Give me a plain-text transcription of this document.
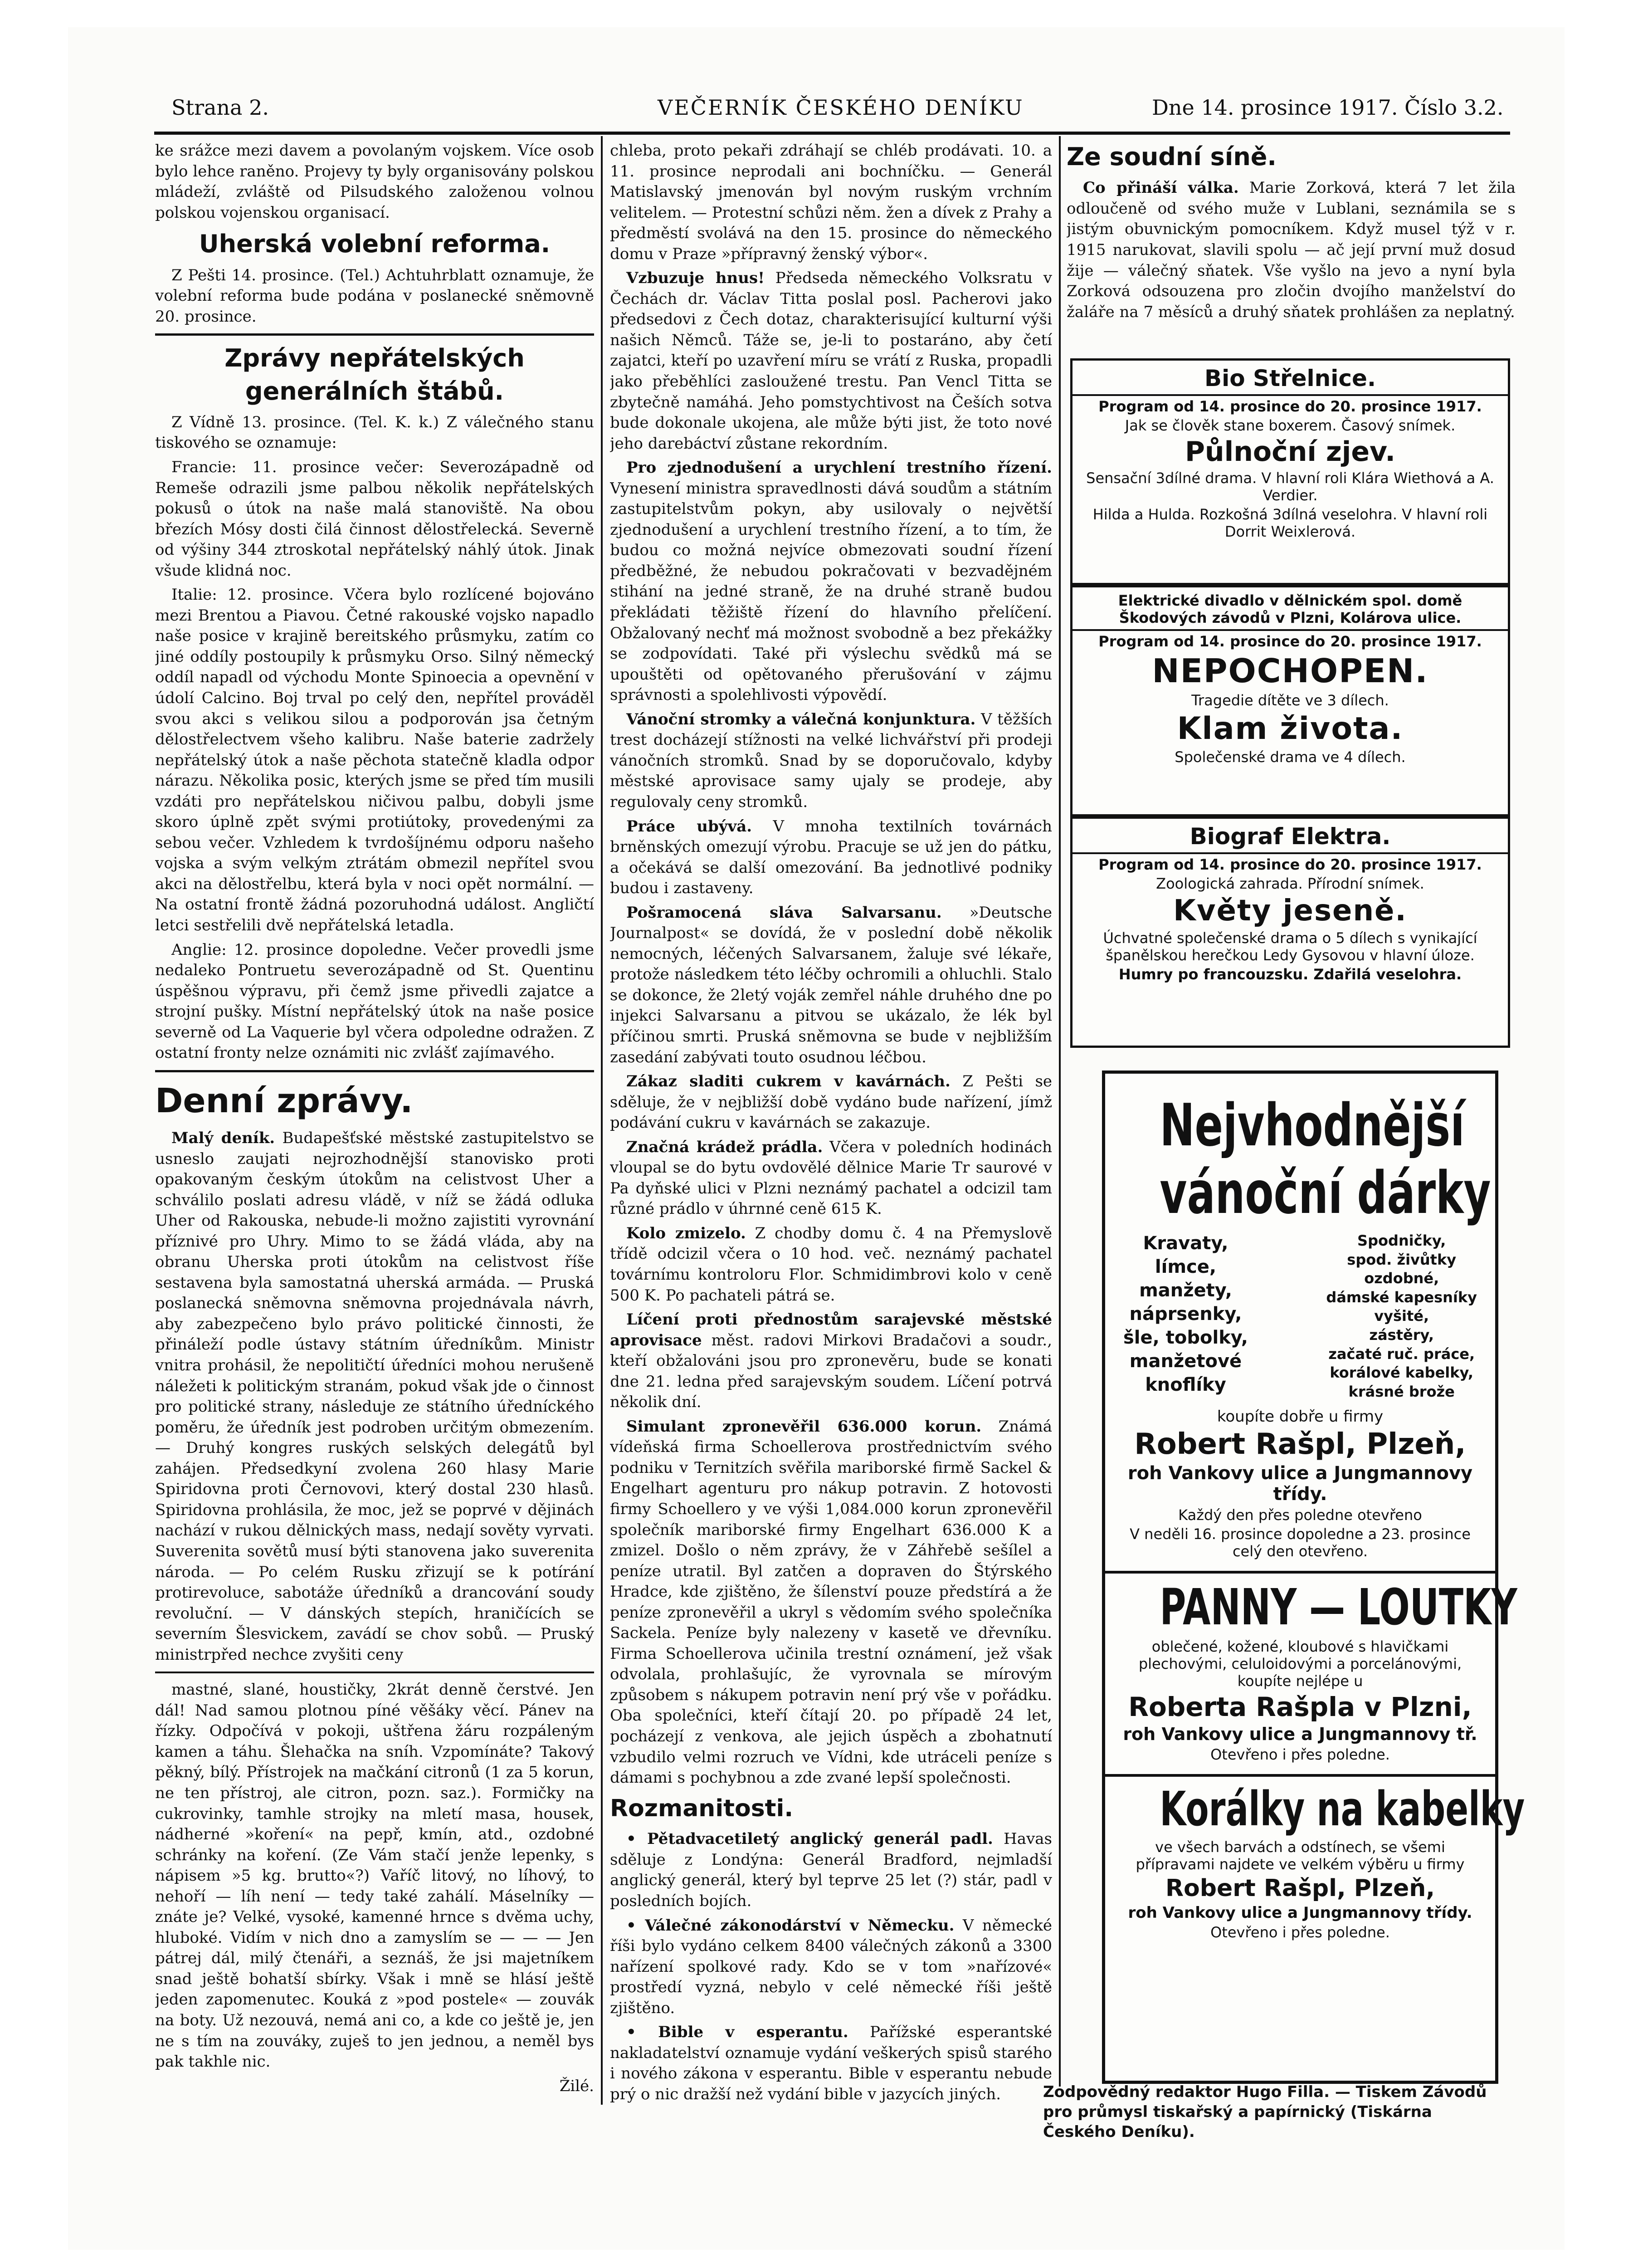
Strana 2.	VEČERNÍK ČESKÉHO DENÍKU	Dne 14. prosince 1917. Číslo 3.2.

ke srážce mezi davem a povolaným vojskem. Více osob bylo lehce raněno. Projevy ty byly organisovány polskou mládeží, zvláště od Pilsudského založenou volnou polskou vojenskou organisací.

Uherská volební reforma.

Z Pešti 14. prosince. (Tel.) Achtuhrblatt oznamuje, že volební reforma bude podána v poslanecké sněmovně 20. prosince.

Zprávy nepřátelských generálních štábů.

Z Vídně 13. prosince. (Tel. K. k.) Z válečného stanu tiskového se oznamuje:

Francie: 11. prosince večer: Severozápadně od Remeše odrazili jsme palbou několik nepřátelských pokusů o útok na naše malá stanoviště. Na obou březích Mósy dosti čilá činnost dělostřelecká. Severně od výšiny 344 ztroskotal nepřátelský náhlý útok. Jinak všude klidná noc.

Italie: 12. prosince. Včera bylo rozlícené bojováno mezi Brentou a Piavou. Četné rakouské vojsko napadlo naše posice v krajině bereitského průsmyku, zatím co jiné oddíly postoupily k průsmyku Orso. Silný německý oddíl napadl od východu Monte Spinoecia a opevnění v údolí Calcino. Boj trval po celý den, nepřítel prováděl svou akci s velikou silou a podporován jsa četným dělostřelectvem všeho kalibru. Naše baterie zadržely nepřátelský útok a naše pěchota statečně kladla odpor nárazu. Několika posic, kterých jsme se před tím musili vzdáti pro nepřátelskou ničivou palbu, dobyli jsme skoro úplně zpět svými protiútoky, provedenými za sebou večer. Vzhledem k tvrdošíjnému odporu našeho vojska a svým velkým ztrátám obmezil nepřítel svou akci na dělostřelbu, která byla v noci opět normální. — Na ostatní frontě žádná pozoruhodná událost. Angličtí letci sestřelili dvě nepřátelská letadla.

Anglie: 12. prosince dopoledne. Večer provedli jsme nedaleko Pontruetu severozápadně od St. Quentinu úspěšnou výpravu, při čemž jsme přivedli zajatce a strojní pušky. Místní nepřátelský útok na naše posice severně od La Vaquerie byl včera odpoledne odražen. Z ostatní fronty nelze oznámiti nic zvlášť zajímavého.

Denní zprávy.

Malý deník. Budapešťské městské zastupitelstvo se usneslo zaujati nejrozhodnější stanovisko proti opakovaným českým útokům na celistvost Uher a schválilo poslati adresu vládě, v níž se žádá odluka Uher od Rakouska, nebude-li možno zajistiti vyrovnání příznivé pro Uhry. Mimo to se žádá vláda, aby na obranu Uherska proti útokům na celistvost říše sestavena byla samostatná uherská armáda. — Pruská poslanecká sněmovna sněmovna projednávala návrh, aby zabezpečeno bylo právo politické činnosti, že přináleží podle ústavy státním úředníkům. Ministr vnitra prohásil, že nepolitičtí úředníci mohou nerušeně náležeti k politickým stranám, pokud však jde o činnost pro politické strany, následuje ze státního úředníckého poměru, že úředník jest podroben určitým obmezením. — Druhý kongres ruských selských delegátů byl zahájen. Předsedkyní zvolena 260 hlasy Marie Spiridovna proti Černovovi, který dostal 230 hlasů. Spiridovna prohlásila, že moc, jež se poprvé v dějinách nachází v rukou dělnických mass, nedají sověty vyrvati. Suverenita sovětů musí býti stanovena jako suverenita národa. — Po celém Rusku zřizují se k potírání protirevoluce, sabotáže úředníků a drancování soudy revoluční. — V dánských stepích, hraničících se severním Šlesvickem, zavádí se chov sobů. — Pruský ministrpřed nechce zvyšiti ceny

mastné, slané, houstičky, 2krát denně čerstvé. Jen dál! Nad samou plotnou píné věšáky věcí. Pánev na řízky. Odpočívá v pokoji, uštřena žáru rozpáleným kamen a táhu. Šlehačka na sníh. Vzpomínáte? Takový pěkný, bílý. Přístrojek na mačkání citronů (1 za 5 korun, ne ten přístroj, ale citron, pozn. saz.). Formičky na cukrovinky, tamhle strojky na mletí masa, housek, nádherné »koření« na pepř, kmín, atd., ozdobné schránky na koření. (Ze Vám stačí jenže lepenky, s nápisem »5 kg. brutto«?) Vaříč litový, no líhový, to nehoří — líh není — tedy také zahálí. Máselníky — znáte je? Velké, vysoké, kamenné hrnce s dvěma uchy, hluboké. Vidím v nich dno a zamyslím se — — — Jen pátrej dál, milý čtenáři, a seznáš, že jsi majetníkem snad ještě bohatší sbírky. Však i mně se hlásí ještě jeden zapomenutec. Kouká z »pod postele« — zouvák na boty. Už nezouvá, nemá ani co, a kde co ještě je, jen ne s tím na zouváky, zuješ to jen jednou, a neměl bys pak takhle nic.

Žilé.

chleba, proto pekaři zdráhají se chléb prodávati. 10. a 11. prosince neprodali ani bochníčku. — Generál Matislavský jmenován byl novým ruským vrchním velitelem. — Protestní schůzi něm. žen a dívek z Prahy a předměstí svolává na den 15. prosince do německého domu v Praze »přípravný ženský výbor«.

Vzbuzuje hnus! Předseda německého Volksratu v Čechách dr. Václav Titta poslal posl. Pacherovi jako předsedovi z Čech dotaz, charakterisující kulturní výši našich Němců. Táže se, je-li to postaráno, aby četí zajatci, kteří po uzavření míru se vrátí z Ruska, propadli jako přeběhlíci zasloužené trestu. Pan Vencl Titta se zbytečně namáhá. Jeho pomstychtivost na Češích sotva bude dokonale ukojena, ale může býti jist, že toto nové jeho darebáctví zůstane rekordním.

Pro zjednodušení a urychlení trestního řízení. Vynesení ministra spravedlnosti dává soudům a státním zastupitelstvům pokyn, aby usilovaly o největší zjednodušení a urychlení trestního řízení, a to tím, že budou co možná nejvíce obmezovati soudní řízení předběžné, že nebudou pokračovati v bezvadějném stihání na jedné straně, že na druhé straně budou překládati těžiště řízení do hlavního přelíčení. Obžalovaný nechť má možnost svobodně a bez překážky se zodpovídati. Také při výslechu svědků má se upouštěti od opětovaného přerušování v zájmu správnosti a spolehlivosti výpovědí.

Vánoční stromky a válečná konjunktura. V těžších trest docházejí stížnosti na velké lichvářství při prodeji vánočních stromků. Snad by se doporučovalo, kdyby městské aprovisace samy ujaly se prodeje, aby regulovaly ceny stromků.

Práce ubývá. V mnoha textilních továrnách brněnských omezují výrobu. Pracuje se už jen do pátku, a očekává se další omezování. Ba jednotlivé podniky budou i zastaveny.

Pošramocená sláva Salvarsanu. »Deutsche Journalpost« se dovídá, že v poslední době několik nemocných, léčených Salvarsanem, žaluje své lékaře, protože následkem této léčby ochromili a ohluchli. Stalo se dokonce, že 2letý voják zemřel náhle druhého dne po injekci Salvarsanu a pitvou se ukázalo, že lék byl příčinou smrti. Pruská sněmovna se bude v nejbližším zasedání zabývati touto osudnou léčbou.

Zákaz sladiti cukrem v kavárnách. Z Pešti se sděluje, že v nejbližší době vydáno bude nařízení, jímž podávání cukru v kavárnách se zakazuje.

Značná krádež prádla. Včera v poledních hodinách vloupal se do bytu ovdovělé dělnice Marie Tr saurové v Pa dyňské ulici v Plzni neznámý pachatel a odcizil tam různé prádlo v úhrnné ceně 615 K.

Kolo zmizelo. Z chodby domu č. 4 na Přemyslově třídě odcizil včera o 10 hod. več. neznámý pachatel továrnímu kontroloru Flor. Schmidimbrovi kolo v ceně 500 K. Po pachateli pátrá se.

Líčení proti přednostům sarajevské městské aprovisace měst. radovi Mirkovi Bradačovi a soudr., kteří obžalováni jsou pro zpronevěru, bude se konati dne 21. ledna před sarajevským soudem. Líčení potrvá několik dní.

Simulant zpronevěřil 636.000 korun. Známá vídeňská firma Schoellerova prostřednictvím svého podniku v Ternitzích svěřila mariborské firmě Sackel & Engelhart agenturu pro nákup potravin. Z hotovosti firmy Schoellero y ve výši 1,084.000 korun zpronevěřil společník mariborské firmy Engelhart 636.000 K a zmizel. Došlo o něm zprávy, že v Záhřebě sešílel a peníze utratil. Byl zatčen a dopraven do Štýrského Hradce, kde zjištěno, že šílenství pouze předstírá a že peníze zpronevěřil a ukryl s vědomím svého společníka Sackela. Peníze byly nalezeny v kasetě ve dřevníku. Firma Schoellerova učinila trestní oznámení, jež však odvolala, prohlašujíc, že vyrovnala se mírovým způsobem s nákupem potravin není prý vše v pořádku. Oba společníci, kteří čítají 20. po případě 24 let, pocházejí z venkova, ale jejich úspěch a zbohatnutí vzbudilo velmi rozruch ve Vídni, kde utráceli peníze s dámami s pochybnou a zde zvané lepší společnosti.

Rozmanitosti.

• Pětadvacetiletý anglický generál padl. Havas sděluje z Londýna: Generál Bradford, nejmladší anglický generál, který byl teprve 25 let (?) stár, padl v posledních bojích.

• Válečné zákonodárství v Německu. V německé říši bylo vydáno celkem 8400 válečných zákonů a 3300 nařízení spolkové rady. Kdo se v tom »nařízové« prostředí vyzná, nebylo v celé německé říši ještě zjištěno.

• Bible v esperantu. Pařížské esperantské nakladatelství oznamuje vydání veškerých spisů starého i nového zákona v esperantu. Bible v esperantu nebude prý o nic dražší než vydání bible v jazycích jiných.

Ze soudní síně.

Co přináší válka. Marie Zorková, která 7 let žila odloučeně od svého muže v Lublani, seznámila se s jistým obuvnickým pomocníkem. Když musel týž v r. 1915 narukovat, slavili spolu — ač její první muž dosud žije — válečný sňatek. Vše vyšlo na jevo a nyní byla Zorková odsouzena pro zločin dvojího manželství do žaláře na 7 měsíců a druhý sňatek prohlášen za neplatný.

Bio Střelnice.
Program od 14. prosince do 20. prosince 1917.
Jak se člověk stane boxerem. Časový snímek.
Půlnoční zjev.
Sensační 3dílné drama. V hlavní roli Klára Wiethová a A. Verdier.
Hilda a Hulda. Rozkošná 3dílná veselohra. V hlavní roli Dorrit Weixlerová.
Elektrické divadlo v dělnickém spol. domě Škodových závodů v Plzni, Kolárova ulice.
Program od 14. prosince do 20. prosince 1917.
NEPOCHOPEN.
Tragedie dítěte ve 3 dílech.
Klam života.
Společenské drama ve 4 dílech.
Biograf Elektra.
Program od 14. prosince do 20. prosince 1917.
Zoologická zahrada. Přírodní snímek.
Květy jeseně.
Úchvatné společenské drama o 5 dílech s vynikající španělskou herečkou Ledy Gysovou v hlavní úloze.
Humry po francouzsku. Zdařilá veselohra.
Nejvhodnější
vánoční dárky
Kravaty,
límce,
manžety,
náprsenky,
šle, tobolky,
manžetové
knoflíky
Spodničky,
spod. živůtky
ozdobné,
dámské kapesníky
vyšité,
zástěry,
začaté ruč. práce,
korálové kabelky,
krásné brože
koupíte dobře u firmy
Robert Rašpl, Plzeň,
roh Vankovy ulice a Jungmannovy třídy.
Každý den přes poledne otevřeno
V neděli 16. prosince dopoledne a 23. prosince celý den otevřeno.
PANNY — LOUTKY
oblečené, kožené, kloubové s hlavičkami plechovými, celuloidovými a porcelánovými, koupíte nejlépe u
Roberta Rašpla v Plzni,
roh Vankovy ulice a Jungmannovy tř.
Otevřeno i přes poledne.
Korálky na kabelky
ve všech barvách a odstínech, se všemi přípravami najdete ve velkém výběru u firmy
Robert Rašpl, Plzeň,
roh Vankovy ulice a Jungmannovy třídy.
Otevřeno i přes poledne.
Zodpovědný redaktor Hugo Filla. — Tiskem Závodů pro průmysl tiskařský a papírnický (Tiskárna Českého Deníku).
